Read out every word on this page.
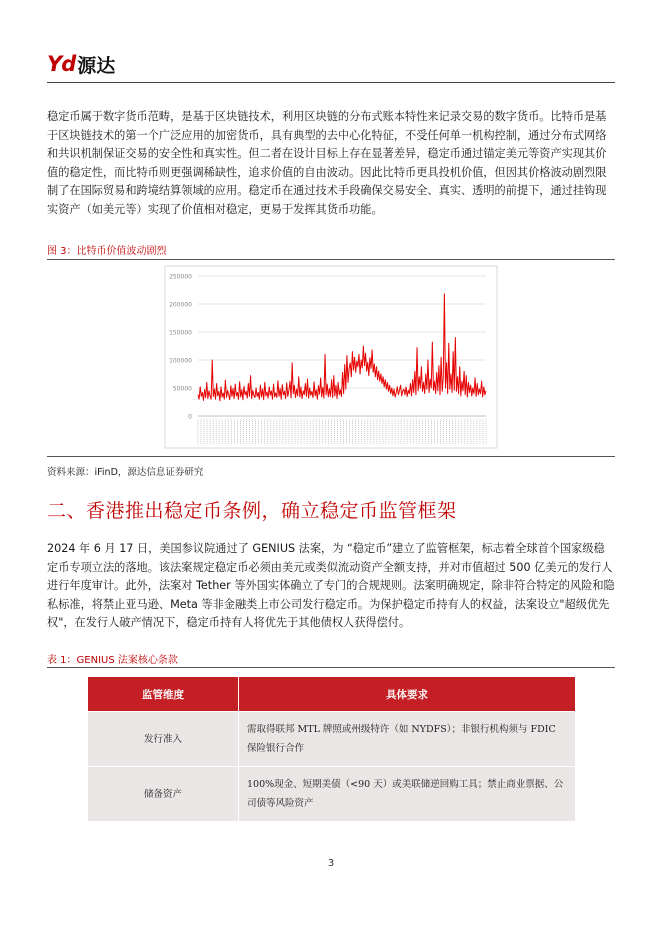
Yd 源达
稳定币属于数字货币范畴，是基于区块链技术，利用区块链的分布式账本特性来记录交易的数字货币。比特币是基于区块链技术的第一个广泛应用的加密货币，具有典型的去中心化特征，不受任何单一机构控制，通过分布式网络和共识机制保证交易的安全性和真实性。但二者在设计目标上存在显著差异，稳定币通过锚定美元等资产实现其价值的稳定性，而比特币则更强调稀缺性，追求价值的自由波动。因此比特币更具投机价值，但因其价格波动剧烈限制了在国际贸易和跨境结算领域的应用。稳定币在通过技术手段确保交易安全、真实、透明的前提下，通过挂钩现实资产（如美元等）实现了价值相对稳定，更易于发挥其货币功能。
图 3：比特币价值波动剧烈
0
50000
100000
150000
200000
250000
资料来源：iFinD，源达信息证券研究
二、香港推出稳定币条例，确立稳定币监管框架
2024 年 6 月 17 日，美国参议院通过了 GENIUS 法案，为 “稳定币”建立了监管框架，标志着全球首个国家级稳定币专项立法的落地。该法案规定稳定币必须由美元或类似流动资产全额支持，并对市值超过 500 亿美元的发行人进行年度审计。此外，法案对 Tether 等外国实体确立了专门的合规规则。法案明确规定，除非符合特定的风险和隐私标准，将禁止亚马逊、Meta 等非金融类上市公司发行稳定币。为保护稳定币持有人的权益，法案设立"超级优先权"，在发行人破产情况下，稳定币持有人将优先于其他债权人获得偿付。
表 1：GENIUS 法案核心条款
监管维度	具体要求
发行准入	需取得联邦 MTL 牌照或州级特许（如 NYDFS）；非银行机构须与 FDIC 保险银行合作
储备资产	100%现金、短期美债（<90 天）或美联储逆回购工具；禁止商业票据、公司债等风险资产
3
